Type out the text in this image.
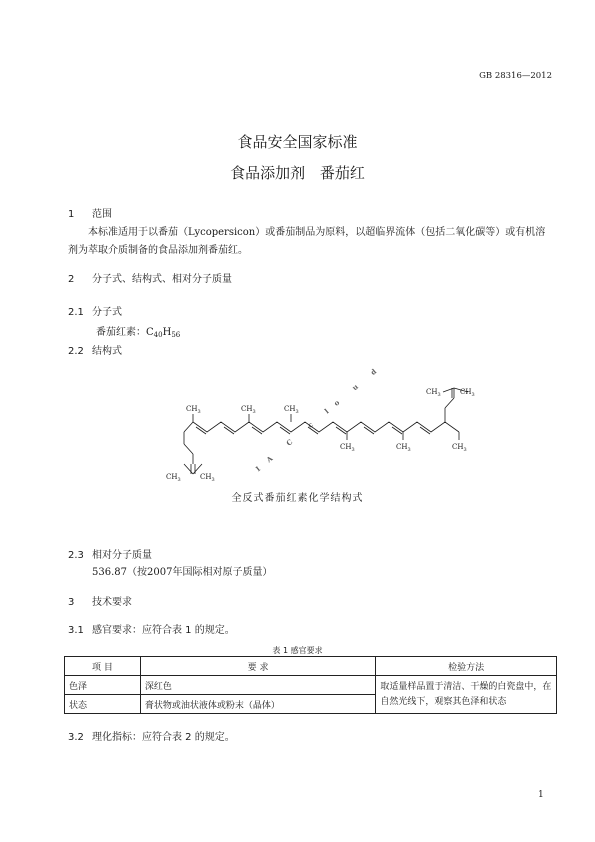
GB 28316—2012
食品安全国家标准
食品添加剂 番茄红
1 范围
本标准适用于以番茄（Lycopersicon）或番茄制品为原料，以超临界流体（包括二氧化碳等）或有机溶剂为萃取介质制备的食品添加剂番茄红。
2 分子式、结构式、相对分子质量
2.1 分子式
番茄红素：$C_{40}H_{56}$
2.2 结构式
$CH_3$	$CH_3$	$CH_3$
$CH_3$	$CH_3$	$CH_3$
$CH_3$	$CH_3$
$CH_3$	$CH_3$
I
A
C
c
l
o
u
d
全反式番茄红素化学结构式
2.3 相对分子质量
536.87（按2007年国际相对原子质量）
3 技术要求
3.1 感官要求：应符合表 1 的规定。
表 1 感官要求
项 目	要 求	检验方法
色泽	深红色	取适量样品置于清洁、干燥的白瓷盘中，在自然光线下，观察其色泽和状态
状态	膏状物或油状液体或粉末（晶体）	
3.2 理化指标：应符合表 2 的规定。
1
